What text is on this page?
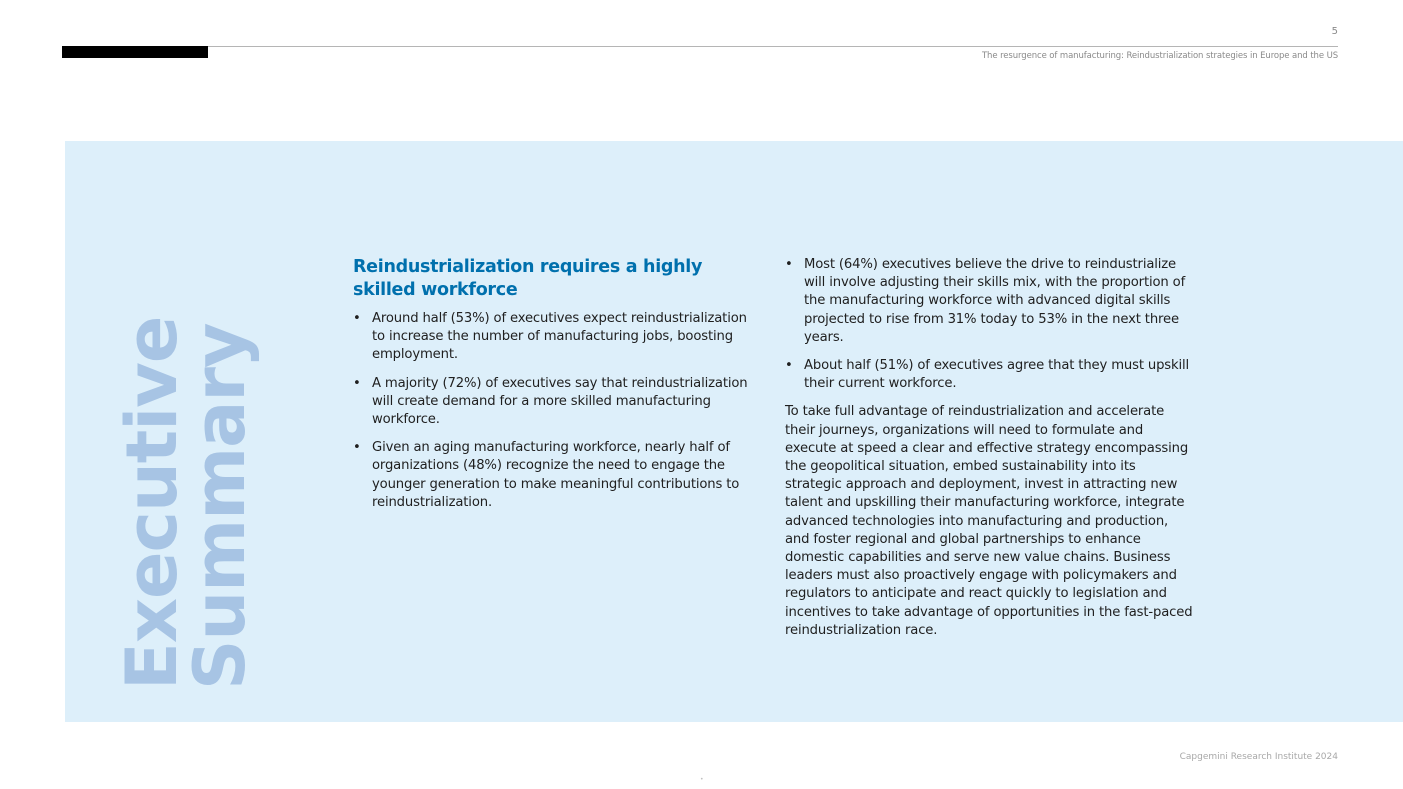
5
The resurgence of manufacturing: Reindustrialization strategies in Europe and the US
Executive
Summary
Reindustrialization requires a highly skilled workforce
• Around half (53%) of executives expect reindustrialization to increase the number of manufacturing jobs, boosting employment.
• A majority (72%) of executives say that reindustrialization will create demand for a more skilled manufacturing workforce.
• Given an aging manufacturing workforce, nearly half of organizations (48%) recognize the need to engage the younger generation to make meaningful contributions to reindustrialization.
• Most (64%) executives believe the drive to reindustrialize will involve adjusting their skills mix, with the proportion of the manufacturing workforce with advanced digital skills projected to rise from 31% today to 53% in the next three years.
• About half (51%) of executives agree that they must upskill their current workforce.

To take full advantage of reindustrialization and accelerate their journeys, organizations will need to formulate and execute at speed a clear and effective strategy encompassing the geopolitical situation, embed sustainability into its strategic approach and deployment, invest in attracting new talent and upskilling their manufacturing workforce, integrate advanced technologies into manufacturing and production, and foster regional and global partnerships to enhance domestic capabilities and serve new value chains. Business leaders must also proactively engage with policymakers and regulators to anticipate and react quickly to legislation and incentives to take advantage of opportunities in the fast-paced reindustrialization race.

Capgemini Research Institute 2024
•
